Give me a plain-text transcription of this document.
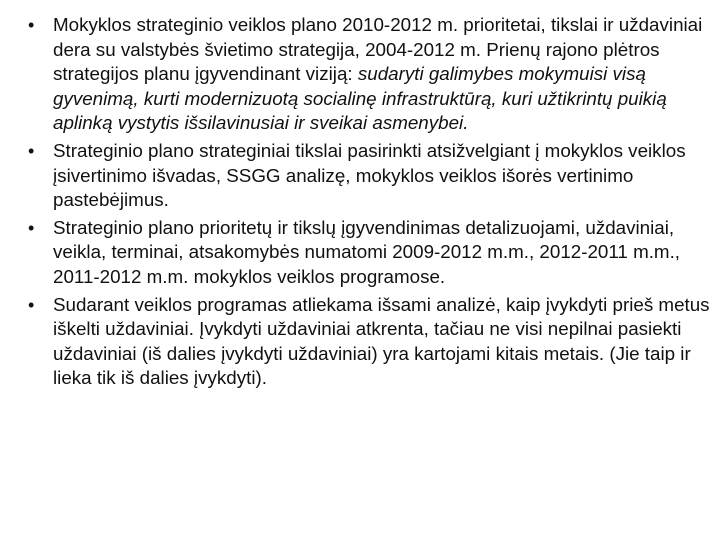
• Mokyklos strateginio veiklos plano 2010-2012 m. prioritetai, tikslai ir uždaviniai dera su valstybės švietimo strategija, 2004-2012 m. Prienų rajono plėtros strategijos planu įgyvendinant viziją: sudaryti galimybes mokymuisi visą gyvenimą, kurti modernizuotą socialinę infrastruktūrą, kuri užtikrintų puikią aplinką vystytis išsilavinusiai ir sveikai asmenybei.
• Strateginio plano strateginiai tikslai pasirinkti atsižvelgiant į mokyklos veiklos įsivertinimo išvadas, SSGG analizę, mokyklos veiklos išorės vertinimo pastebėjimus.
• Strateginio plano prioritetų ir tikslų įgyvendinimas detalizuojami, uždaviniai, veikla, terminai, atsakomybės numatomi 2009-2012 m.m., 2012-2011 m.m., 2011-2012 m.m. mokyklos veiklos programose.
• Sudarant veiklos programas atliekama išsami analizė, kaip įvykdyti prieš metus iškelti uždaviniai. Įvykdyti uždaviniai atkrenta, tačiau ne visi nepilnai pasiekti uždaviniai (iš dalies įvykdyti uždaviniai) yra kartojami kitais metais. (Jie taip ir lieka tik iš dalies įvykdyti).
